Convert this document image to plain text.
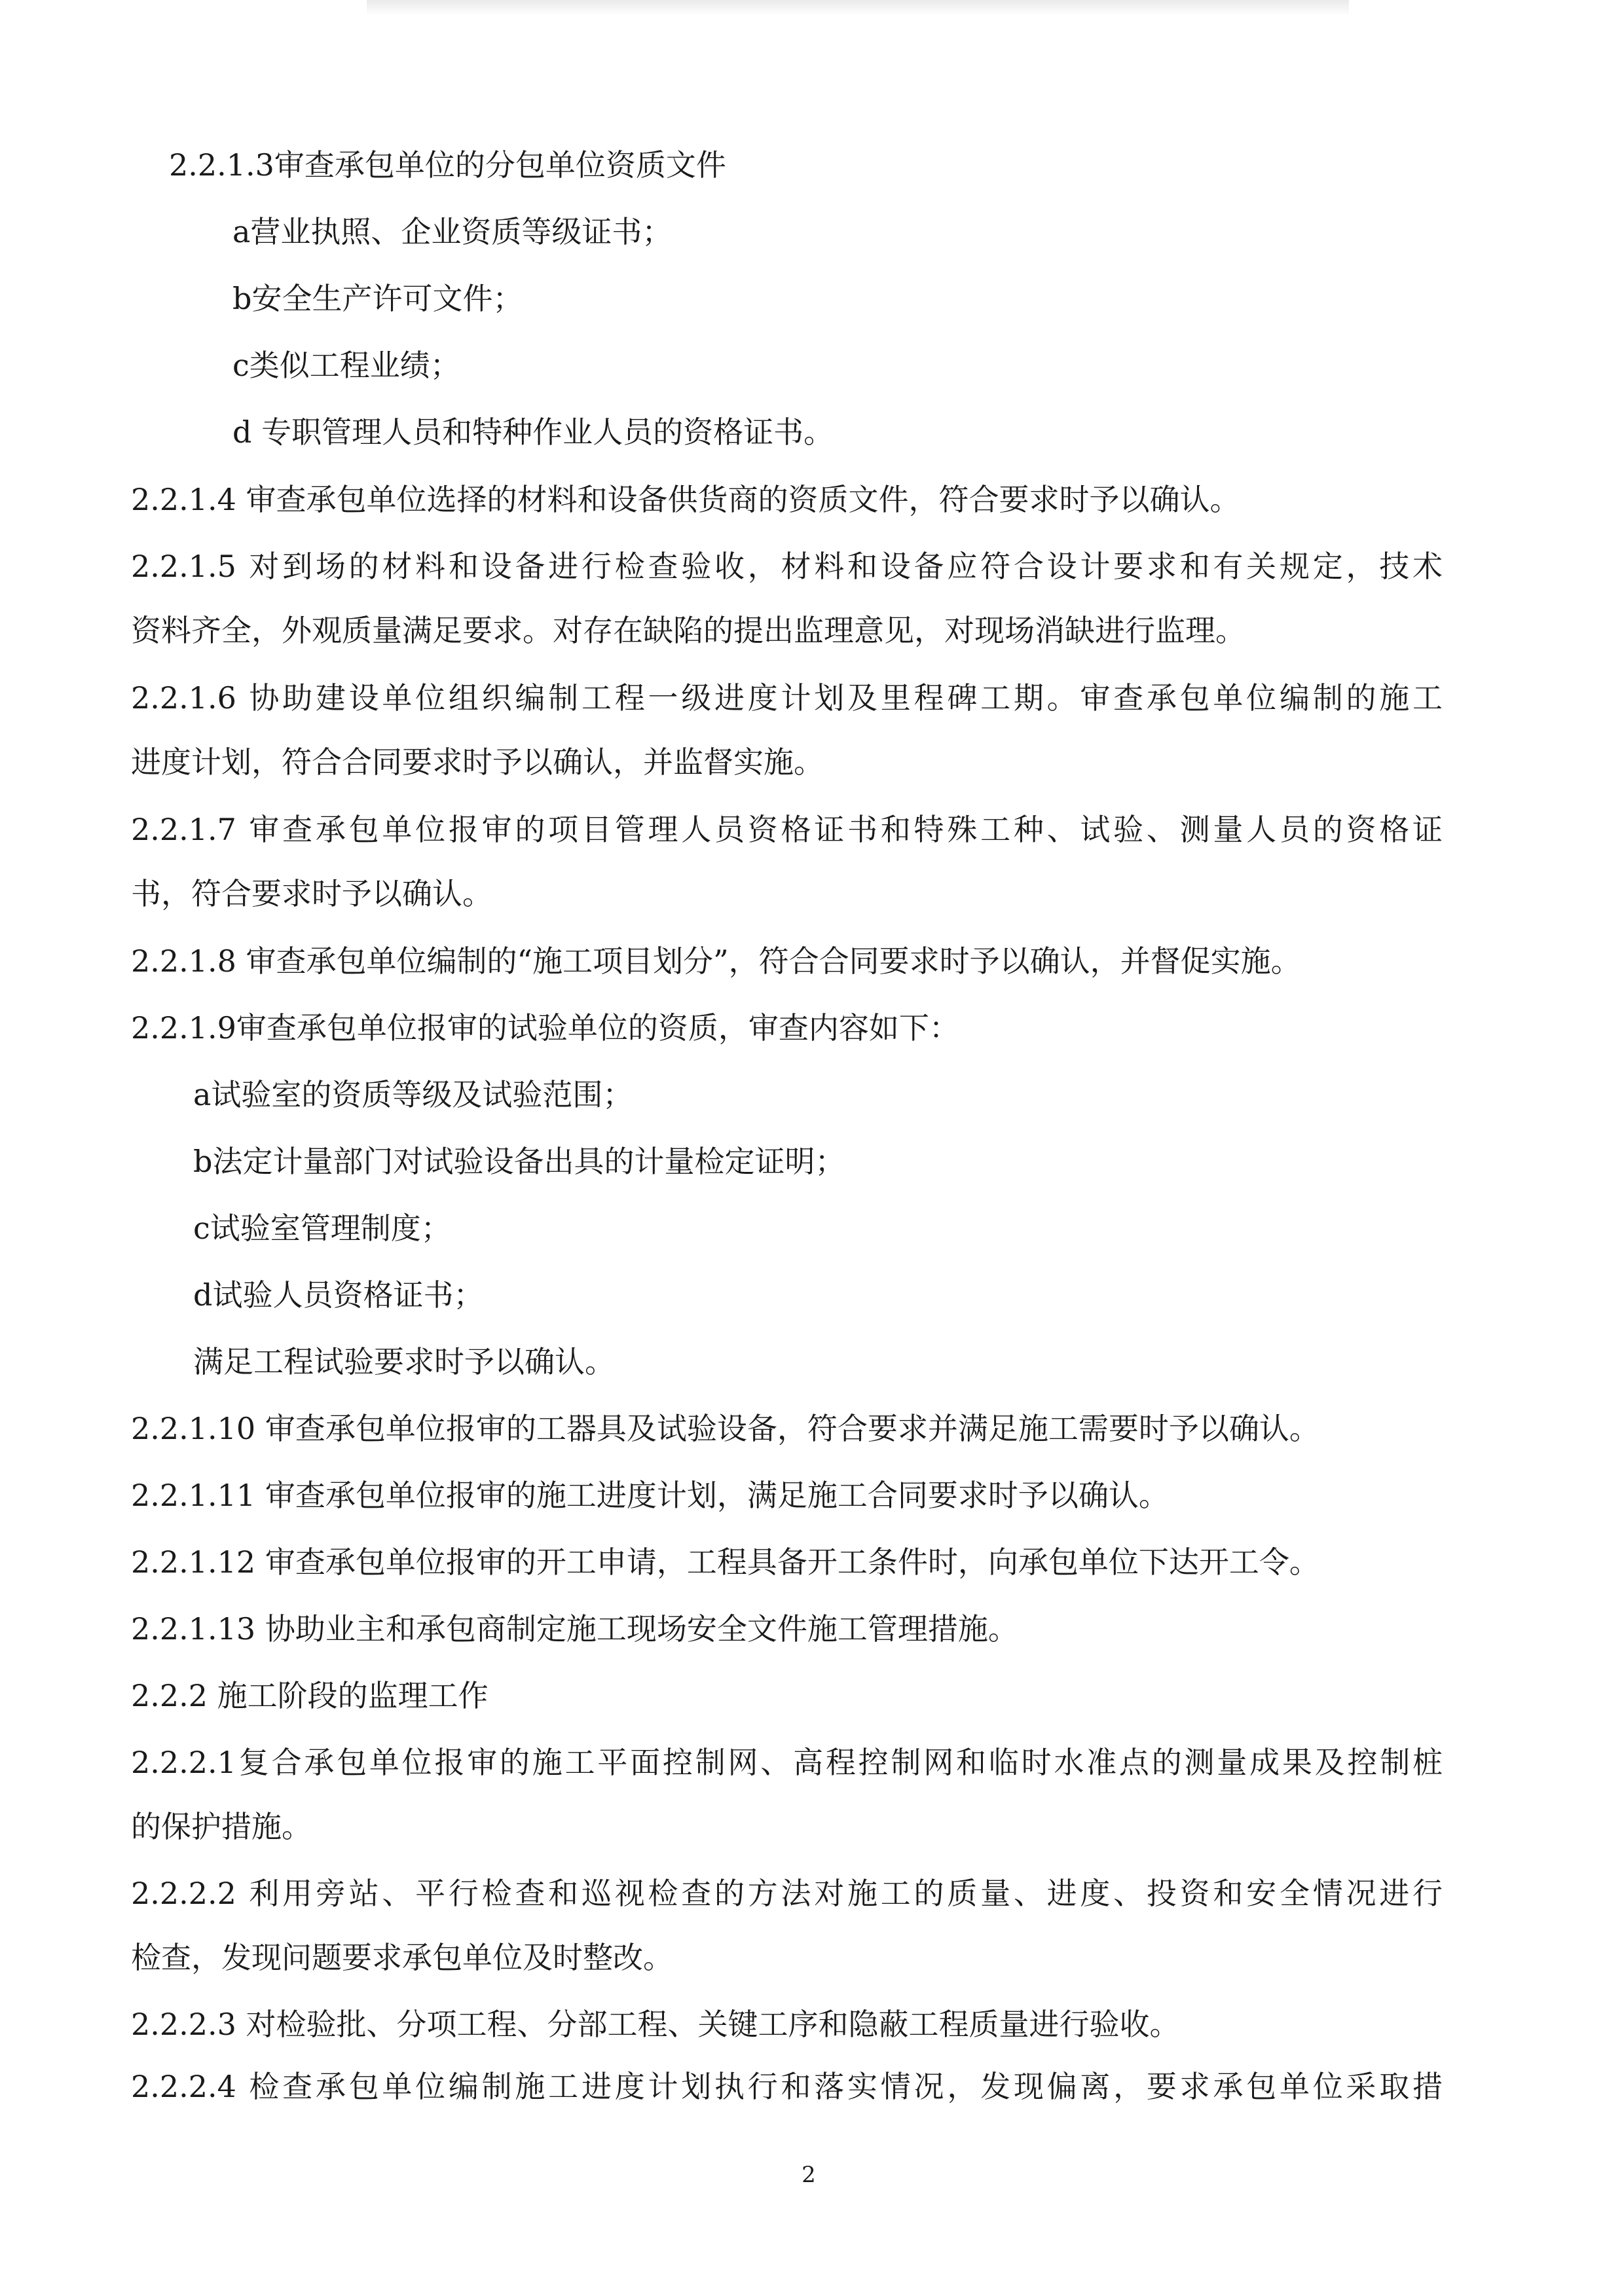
2.2.1.3审查承包单位的分包单位资质文件
a营业执照、企业资质等级证书；
b安全生产许可文件；
c类似工程业绩；
d 专职管理人员和特种作业人员的资格证书。
2.2.1.4 审查承包单位选择的材料和设备供货商的资质文件，符合要求时予以确认。
2.2.1.5 对到场的材料和设备进行检查验收，材料和设备应符合设计要求和有关规定，技术
资料齐全，外观质量满足要求。对存在缺陷的提出监理意见，对现场消缺进行监理。
2.2.1.6 协助建设单位组织编制工程一级进度计划及里程碑工期。审查承包单位编制的施工
进度计划，符合合同要求时予以确认，并监督实施。
2.2.1.7 审查承包单位报审的项目管理人员资格证书和特殊工种、试验、测量人员的资格证
书，符合要求时予以确认。
2.2.1.8 审查承包单位编制的“施工项目划分”，符合合同要求时予以确认，并督促实施。
2.2.1.9审查承包单位报审的试验单位的资质，审查内容如下：
a试验室的资质等级及试验范围；
b法定计量部门对试验设备出具的计量检定证明；
c试验室管理制度；
d试验人员资格证书；
满足工程试验要求时予以确认。
2.2.1.10 审查承包单位报审的工器具及试验设备，符合要求并满足施工需要时予以确认。
2.2.1.11 审查承包单位报审的施工进度计划，满足施工合同要求时予以确认。
2.2.1.12 审查承包单位报审的开工申请，工程具备开工条件时，向承包单位下达开工令。
2.2.1.13 协助业主和承包商制定施工现场安全文件施工管理措施。
2.2.2 施工阶段的监理工作
2.2.2.1复合承包单位报审的施工平面控制网、高程控制网和临时水准点的测量成果及控制桩
的保护措施。
2.2.2.2 利用旁站、平行检查和巡视检查的方法对施工的质量、进度、投资和安全情况进行
检查，发现问题要求承包单位及时整改。
2.2.2.3 对检验批、分项工程、分部工程、关键工序和隐蔽工程质量进行验收。
2.2.2.4 检查承包单位编制施工进度计划执行和落实情况，发现偏离，要求承包单位采取措
2
